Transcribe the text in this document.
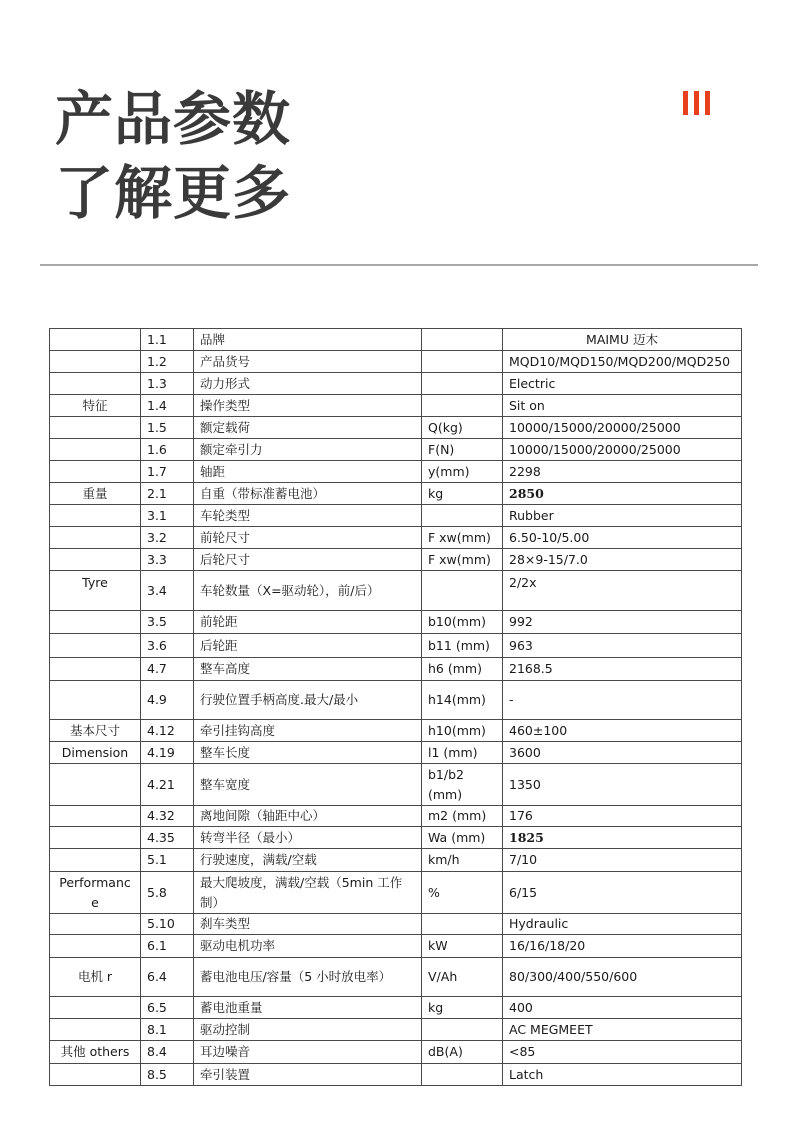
产品参数
了解更多
	1.1	品牌		MAIMU 迈木
	1.2	产品货号		MQD10/MQD150/MQD200/MQD250
	1.3	动力形式		Electric
特征	1.4	操作类型		Sit on
	1.5	额定载荷	Q(kg)	10000/15000/20000/25000
	1.6	额定牵引力	F(N)	10000/15000/20000/25000
	1.7	轴距	y(mm)	2298
重量	2.1	自重（带标准蓄电池）	kg	2850
	3.1	车轮类型		Rubber
	3.2	前轮尺寸	F xw(mm)	6.50-10/5.00
	3.3	后轮尺寸	F xw(mm)	28×9-15/7.0
Tyre	3.4	车轮数量（X=驱动轮），前/后）		2/2x
	3.5	前轮距	b10(mm)	992
	3.6	后轮距	b11 (mm)	963
	4.7	整车高度	h6 (mm)	2168.5
	4.9	行驶位置手柄高度.最大/最小	h14(mm)	-
基本尺寸	4.12	牵引挂钩高度	h10(mm)	460±100
Dimension	4.19	整车长度	l1 (mm)	3600
	4.21	整车宽度	b1/b2 (mm)	1350
	4.32	离地间隙（轴距中心）	m2 (mm)	176
	4.35	转弯半径（最小）	Wa (mm)	1825
	5.1	行驶速度，满载/空载	km/h	7/10
Performance	5.8	最大爬坡度，满载/空载（5min 工作制）	%	6/15
	5.10	刹车类型		Hydraulic
	6.1	驱动电机功率	kW	16/16/18/20
电机 r	6.4	蓄电池电压/容量（5 小时放电率）	V/Ah	80/300/400/550/600
	6.5	蓄电池重量	kg	400
	8.1	驱动控制		AC MEGMEET
其他 others	8.4	耳边噪音	dB(A)	<85
	8.5	牵引装置		Latch
